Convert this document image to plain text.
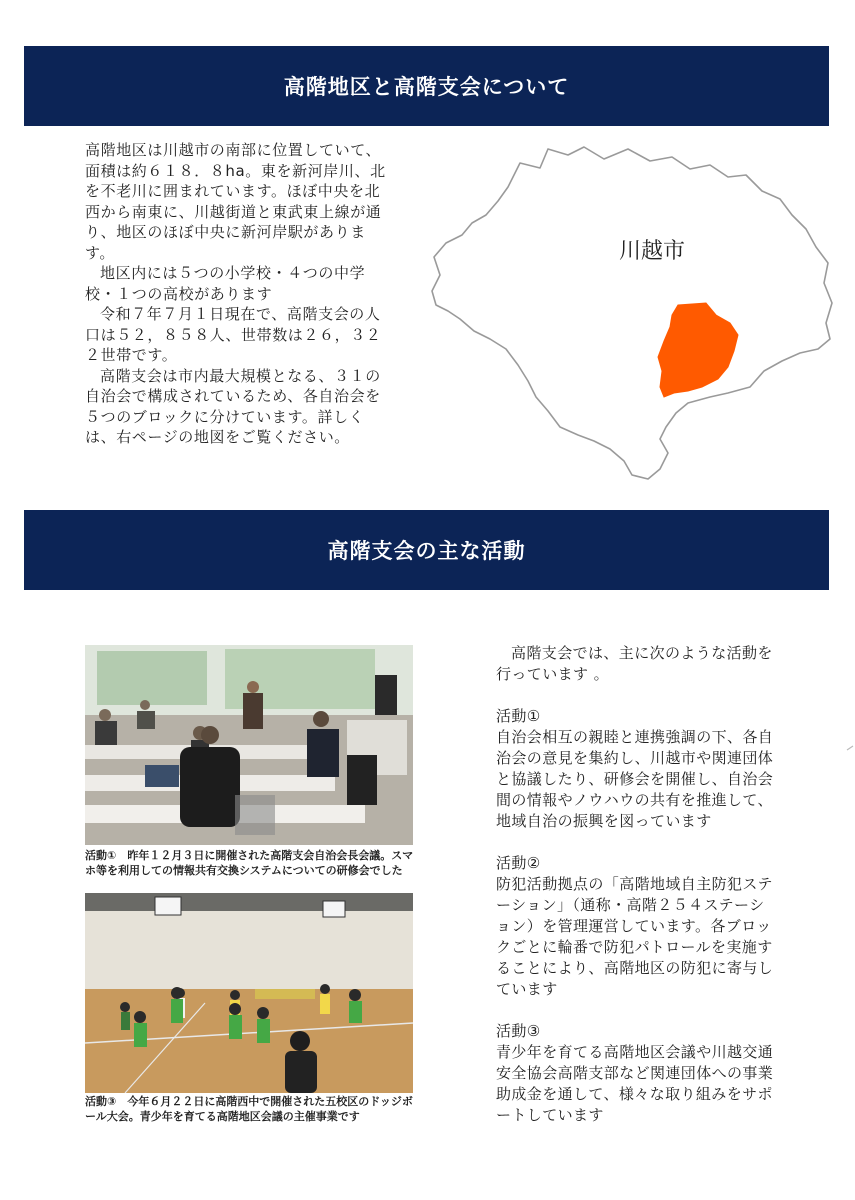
高階地区と高階支会について

高階地区は川越市の南部に位置していて、面積は約６１８．８ha。東を新河岸川、北を不老川に囲まれています。ほぼ中央を北西から南東に、川越街道と東武東上線が通り、地区のほぼ中央に新河岸駅があります。

地区内には５つの小学校・４つの中学校・１つの高校があります

令和７年７月１日現在で、高階支会の人口は５２，８５８人、世帯数は２６，３２２世帯です。

高階支会は市内最大規模となる、３１の自治会で構成されているため、各自治会を５つのブロックに分けています。詳しくは、右ページの地図をご覧ください。

川越市
高階支会の主な活動
活動①　昨年１２月３日に開催された高階支会自治会長会議。スマホ等を利用しての情報共有交換システムについての研修会でした
活動③　今年６月２２日に高階西中で開催された五校区のドッジボール大会。青少年を育てる高階地区会議の主催事業です

高階支会では、主に次のような活動を行っています 。

活動①

自治会相互の親睦と連携強調の下、各自治会の意見を集約し、川越市や関連団体と協議したり、研修会を開催し、自治会間の情報やノウハウの共有を推進して、地域自治の振興を図っています

活動②

防犯活動拠点の「高階地域自主防犯ステーション」（通称・高階２５４ステーション）を管理運営しています。各ブロックごとに輪番で防犯パトロールを実施することにより、高階地区の防犯に寄与しています

活動③

青少年を育てる高階地区会議や川越交通安全協会高階支部など関連団体への事業助成金を通して、様々な取り組みをサポートしています
